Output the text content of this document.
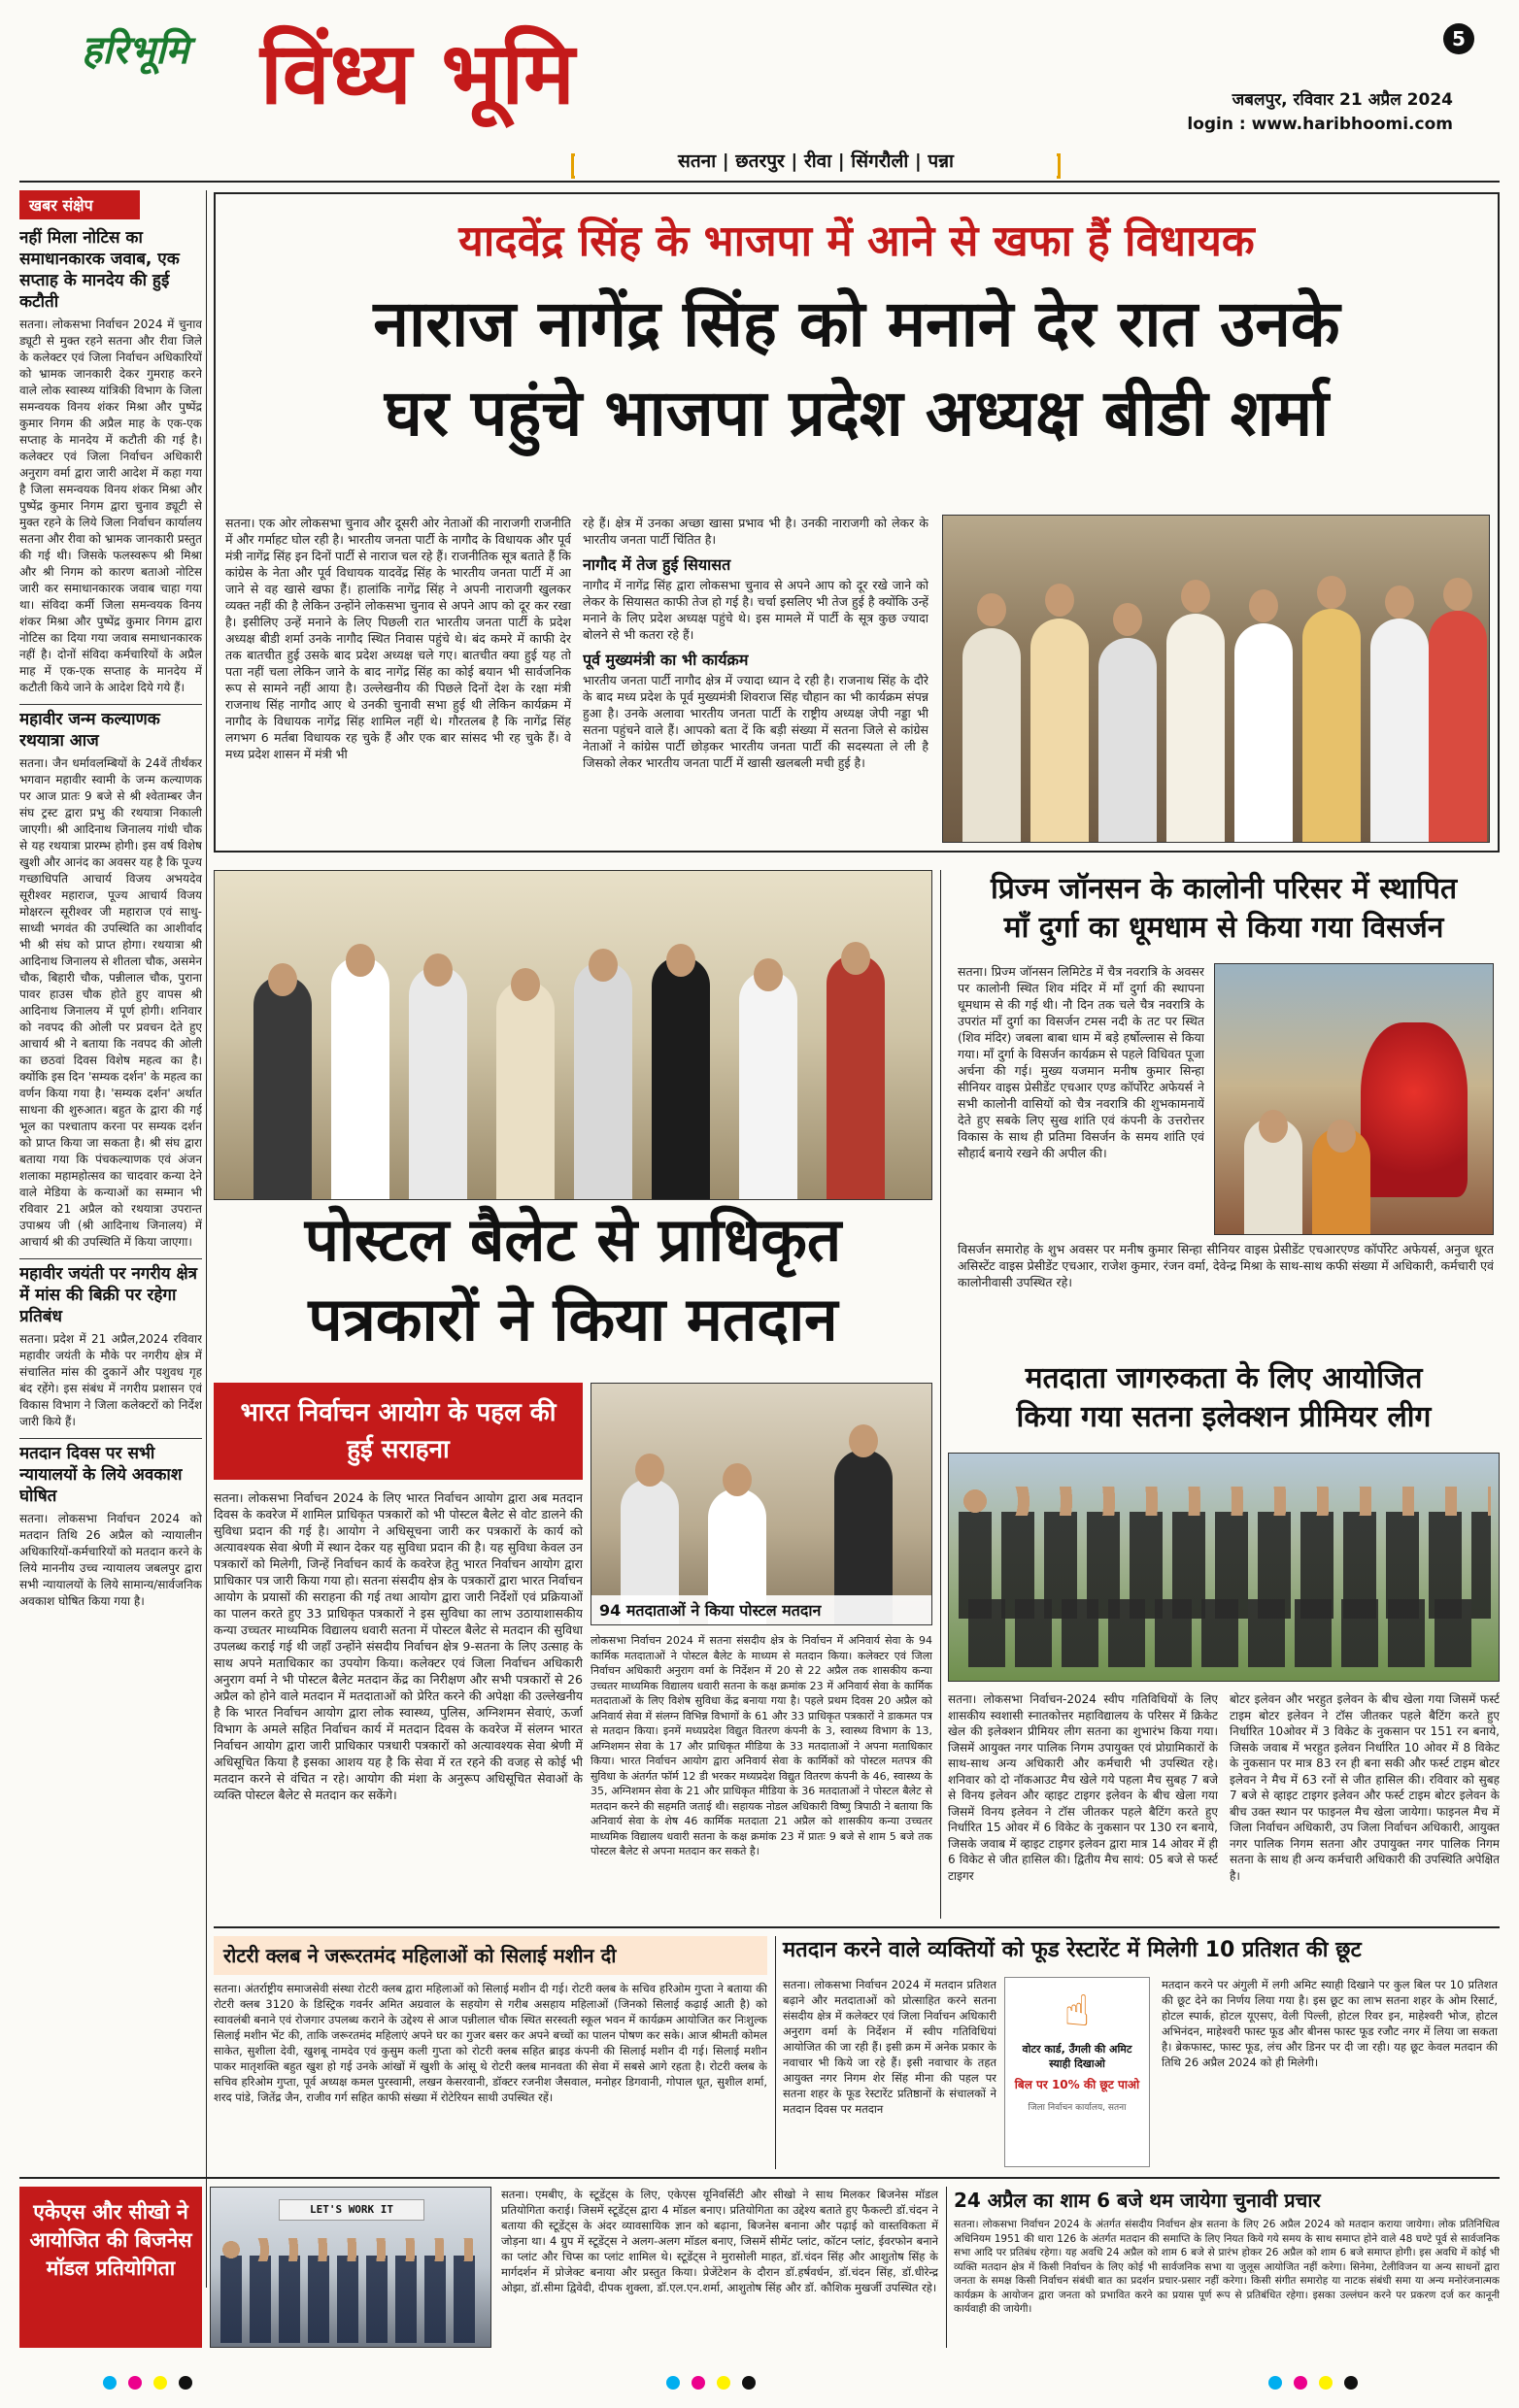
हरिभूमि विंध्य भूमि	5
जबलपुर, रविवार 21 अप्रैल 2024
login : www.haribhoomi.com
सतना | छतरपुर | रीवा | सिंगरौली | पन्ना
खबर संक्षेप
नहीं मिला नोटिस का समाधानकारक जवाब, एक सप्ताह के मानदेय की हुई कटौती
सतना। लोकसभा निर्वाचन 2024 में चुनाव ड्यूटी से मुक्त रहने सतना और रीवा जिले के कलेक्टर एवं जिला निर्वाचन अधिकारियों को भ्रामक जानकारी देकर गुमराह करने वाले लोक स्वास्थ्य यांत्रिकी विभाग के जिला समन्वयक विनय शंकर मिश्रा और पुष्पेंद्र कुमार निगम की अप्रैल माह के एक-एक सप्ताह के मानदेय में कटौती की गई है। कलेक्टर एवं जिला निर्वाचन अधिकारी अनुराग वर्मा द्वारा जारी आदेश में कहा गया है जिला समन्वयक विनय शंकर मिश्रा और पुष्पेंद्र कुमार निगम द्वारा चुनाव ड्यूटी से मुक्त रहने के लिये जिला निर्वाचन कार्यालय सतना और रीवा को भ्रामक जानकारी प्रस्तुत की गई थी। जिसके फलस्वरूप श्री मिश्रा और श्री निगम को कारण बताओ नोटिस जारी कर समाधानकारक जवाब चाहा गया था। संविदा कर्मी जिला समन्वयक विनय शंकर मिश्रा और पुष्पेंद्र कुमार निगम द्वारा नोटिस का दिया गया जवाब समाधानकारक नहीं है। दोनों संविदा कर्मचारियों के अप्रैल माह में एक-एक सप्ताह के मानदेय में कटौती किये जाने के आदेश दिये गये हैं।
महावीर जन्म कल्याणक रथयात्रा आज
सतना। जैन धर्मावलम्बियों के 24वें तीर्थंकर भगवान महावीर स्वामी के जन्म कल्याणक पर आज प्रातः 9 बजे से श्री श्वेताम्बर जैन संघ ट्रस्ट द्वारा प्रभु की रथयात्रा निकाली जाएगी। श्री आदिनाथ जिनालय गांधी चौक से यह रथयात्रा प्रारम्भ होगी। इस वर्ष विशेष खुशी और आनंद का अवसर यह है कि पूज्य गच्छाधिपति आचार्य विजय अभयदेव सूरीश्वर महाराज, पूज्य आचार्य विजय मोक्षरत्न सूरीश्वर जी महाराज एवं साधु-साध्वी भगवंत की उपस्थिति का आशीर्वाद भी श्री संघ को प्राप्त होगा। रथयात्रा श्री आदिनाथ जिनालय से शीतला चौक, असमेन चौक, बिहारी चौक, पन्नीलाल चौक, पुराना पावर हाउस चौक होते हुए वापस श्री आदिनाथ जिनालय में पूर्ण होगी। शनिवार को नवपद की ओली पर प्रवचन देते हुए आचार्य श्री ने बताया कि नवपद की ओली का छठवां दिवस विशेष महत्व का है। क्योंकि इस दिन 'सम्यक दर्शन' के महत्व का वर्णन किया गया है। 'सम्यक दर्शन' अर्थात साधना की शुरुआत। बहुत के द्वारा की गई भूल का पश्चाताप करना पर सम्यक दर्शन को प्राप्त किया जा सकता है। श्री संघ द्वारा बताया गया कि पंचकल्याणक एवं अंजन शलाका महामहोत्सव का चादवार कन्या देने वाले मेडिया के कन्याओं का सम्मान भी रविवार 21 अप्रैल को रथयात्रा उपरान्त उपाश्रय जी (श्री आदिनाथ जिनालय) में आचार्य श्री की उपस्थिति में किया जाएगा।
महावीर जयंती पर नगरीय क्षेत्र में मांस की बिक्री पर रहेगा प्रतिबंध
सतना। प्रदेश में 21 अप्रैल,2024 रविवार महावीर जयंती के मौके पर नगरीय क्षेत्र में संचालित मांस की दुकानें और पशुवध गृह बंद रहेंगे। इस संबंध में नगरीय प्रशासन एवं विकास विभाग ने जिला कलेक्टरों को निर्देश जारी किये हैं।
मतदान दिवस पर सभी न्यायालयों के लिये अवकाश घोषित
सतना। लोकसभा निर्वाचन 2024 को मतदान तिथि 26 अप्रैल को न्यायालीन अधिकारियों-कर्मचारियों को मतदान करने के लिये माननीय उच्च न्यायालय जबलपुर द्वारा सभी न्यायालयों के लिये सामान्य/सार्वजनिक अवकाश घोषित किया गया है।
यादवेंद्र सिंह के भाजपा में आने से खफा हैं विधायक
नाराज नागेंद्र सिंह को मनाने देर रात उनके
घर पहुंचे भाजपा प्रदेश अध्यक्ष बीडी शर्मा
सतना। एक ओर लोकसभा चुनाव और दूसरी ओर नेताओं की नाराजगी राजनीति में और गर्माहट घोल रही है। भारतीय जनता पार्टी के नागौद के विधायक और पूर्व मंत्री नागेंद्र सिंह इन दिनों पार्टी से नाराज चल रहे हैं। राजनीतिक सूत्र बताते हैं कि कांग्रेस के नेता और पूर्व विधायक यादवेंद्र सिंह के भारतीय जनता पार्टी में आ जाने से वह खासे खफा हैं। हालांकि नागेंद्र सिंह ने अपनी नाराजगी खुलकर व्यक्त नहीं की है लेकिन उन्होंने लोकसभा चुनाव से अपने आप को दूर कर रखा है। इसीलिए उन्हें मनाने के लिए पिछली रात भारतीय जनता पार्टी के प्रदेश अध्यक्ष बीडी शर्मा उनके नागौद स्थित निवास पहुंचे थे। बंद कमरे में काफी देर तक बातचीत हुई उसके बाद प्रदेश अध्यक्ष चले गए। बातचीत क्या हुई यह तो पता नहीं चला लेकिन जाने के बाद नागेंद्र सिंह का कोई बयान भी सार्वजनिक रूप से सामने नहीं आया है। उल्लेखनीय की पिछले दिनों देश के रक्षा मंत्री राजनाथ सिंह नागौद आए थे उनकी चुनावी सभा हुई थी लेकिन कार्यक्रम में नागौद के विधायक नागेंद्र सिंह शामिल नहीं थे। गौरतलब है कि नागेंद्र सिंह लगभग 6 मर्तबा विधायक रह चुके हैं और एक बार सांसद भी रह चुके हैं। वे मध्य प्रदेश शासन में मंत्री भी
रहे हैं। क्षेत्र में उनका अच्छा खासा प्रभाव भी है। उनकी नाराजगी को लेकर के भारतीय जनता पार्टी चिंतित है।
नागौद में तेज हुई सियासत
नागौद में नागेंद्र सिंह द्वारा लोकसभा चुनाव से अपने आप को दूर रखे जाने को लेकर के सियासत काफी तेज हो गई है। चर्चा इसलिए भी तेज हुई है क्योंकि उन्हें मनाने के लिए प्रदेश अध्यक्ष पहुंचे थे। इस मामले में पार्टी के सूत्र कुछ ज्यादा बोलने से भी कतरा रहे हैं।
पूर्व मुख्यमंत्री का भी कार्यक्रम
भारतीय जनता पार्टी नागौद क्षेत्र में ज्यादा ध्यान दे रही है। राजनाथ सिंह के दौरे के बाद मध्य प्रदेश के पूर्व मुख्यमंत्री शिवराज सिंह चौहान का भी कार्यक्रम संपन्न हुआ है। उनके अलावा भारतीय जनता पार्टी के राष्ट्रीय अध्यक्ष जेपी नड्डा भी सतना पहुंचने वाले हैं। आपको बता दें कि बड़ी संख्या में सतना जिले से कांग्रेस नेताओं ने कांग्रेस पार्टी छोड़कर भारतीय जनता पार्टी की सदस्यता ले ली है जिसको लेकर भारतीय जनता पार्टी में खासी खलबली मची हुई है।
पोस्टल बैलेट से प्राधिकृत
पत्रकारों ने किया मतदान
भारत निर्वाचन आयोग के पहल की हुई सराहना
94 मतदाताओं ने किया पोस्टल मतदान
सतना। लोकसभा निर्वाचन 2024 के लिए भारत निर्वाचन आयोग द्वारा अब मतदान दिवस के कवरेज में शामिल प्राधिकृत पत्रकारों को भी पोस्टल बैलेट से वोट डालने की सुविधा प्रदान की गई है। आयोग ने अधिसूचना जारी कर पत्रकारों के कार्य को अत्यावश्यक सेवा श्रेणी में स्थान देकर यह सुविधा प्रदान की है। यह सुविधा केवल उन पत्रकारों को मिलेगी, जिन्हें निर्वाचन कार्य के कवरेज हेतु भारत निर्वाचन आयोग द्वारा प्राधिकार पत्र जारी किया गया हो। सतना संसदीय क्षेत्र के पत्रकारों द्वारा भारत निर्वाचन आयोग के प्रयासों की सराहना की गई तथा आयोग द्वारा जारी निर्देशों एवं प्रक्रियाओं का पालन करते हुए 33 प्राधिकृत पत्रकारों ने इस सुविधा का लाभ उठायाशासकीय कन्या उच्चतर माध्यमिक विद्यालय धवारी सतना में पोस्टल बैलेट से मतदान की सुविधा उपलब्ध कराई गई थी जहाँ उन्होंने संसदीय निर्वाचन क्षेत्र 9-सतना के लिए उत्साह के साथ अपने मताधिकार का उपयोग किया। कलेक्टर एवं जिला निर्वाचन अधिकारी अनुराग वर्मा ने भी पोस्टल बैलेट मतदान केंद्र का निरीक्षण और सभी पत्रकारों से 26 अप्रैल को होने वाले मतदान में मतदाताओं को प्रेरित करने की अपेक्षा की उल्लेखनीय है कि भारत निर्वाचन आयोग द्वारा लोक स्वास्थ्य, पुलिस, अग्निशमन सेवाएं, ऊर्जा विभाग के अमले सहित निर्वाचन कार्य में मतदान दिवस के कवरेज में संलग्न भारत निर्वाचन आयोग द्वारा जारी प्राधिकार पत्रधारी पत्रकारों को अत्यावश्यक सेवा श्रेणी में अधिसूचित किया है इसका आशय यह है कि सेवा में रत रहने की वजह से कोई भी मतदान करने से वंचित न रहे। आयोग की मंशा के अनुरूप अधिसूचित सेवाओं के व्यक्ति पोस्टल बैलेट से मतदान कर सकेंगे।
लोकसभा निर्वाचन 2024 में सतना संसदीय क्षेत्र के निर्वाचन में अनिवार्य सेवा के 94 कार्मिक मतदाताओं ने पोस्टल बैलेट के माध्यम से मतदान किया। कलेक्टर एवं जिला निर्वाचन अधिकारी अनुराग वर्मा के निर्देशन में 20 से 22 अप्रैल तक शासकीय कन्या उच्चतर माध्यमिक विद्यालय धवारी सतना के कक्ष क्रमांक 23 में अनिवार्य सेवा के कार्मिक मतदाताओं के लिए विशेष सुविधा केंद्र बनाया गया है। पहले प्रथम दिवस 20 अप्रैल को अनिवार्य सेवा में संलग्न विभिन्न विभागों के 61 और 33 प्राधिकृत पत्रकारों ने डाकमत पत्र से मतदान किया। इनमें मध्यप्रदेश विद्युत वितरण कंपनी के 3, स्वास्थ्य विभाग के 13, अग्निशमन सेवा के 17 और प्राधिकृत मीडिया के 33 मतदाताओं ने अपना मताधिकार किया। भारत निर्वाचन आयोग द्वारा अनिवार्य सेवा के कार्मिकों को पोस्टल मतपत्र की सुविधा के अंतर्गत फॉर्म 12 डी भरकर मध्यप्रदेश विद्युत वितरण कंपनी के 46, स्वास्थ्य के 35, अग्निशमन सेवा के 21 और प्राधिकृत मीडिया के 36 मतदाताओं ने पोस्टल बैलेट से मतदान करने की सहमति जताई थी। सहायक नोडल अधिकारी विष्णु त्रिपाठी ने बताया कि अनिवार्य सेवा के शेष 46 कार्मिक मतदाता 21 अप्रैल को शासकीय कन्या उच्चतर माध्यमिक विद्यालय धवारी सतना के कक्ष क्रमांक 23 में प्रातः 9 बजे से शाम 5 बजे तक पोस्टल बैलेट से अपना मतदान कर सकते है।
प्रिज्म जॉनसन के कालोनी परिसर में स्थापित
मॉं दुर्गा का धूमधाम से किया गया विसर्जन
सतना। प्रिज्म जॉनसन लिमिटेड में चैत्र नवरात्रि के अवसर पर कालोनी स्थित शिव मंदिर में माँ दुर्गा की स्थापना धूमधाम से की गई थी। नौ दिन तक चले चैत्र नवरात्रि के उपरांत माँ दुर्गा का विसर्जन टमस नदी के तट पर स्थित (शिव मंदिर) जबला बाबा धाम में बड़े हर्षोल्लास से किया गया। माँ दुर्गा के विसर्जन कार्यक्रम से पहले विधिवत पूजा अर्चना की गई। मुख्य यजमान मनीष कुमार सिन्हा सीनियर वाइस प्रेसीडेंट एचआर एण्ड कॉर्पोरेट अफेयर्स ने सभी कालोनी वासियों को चैत्र नवरात्रि की शुभकामनायें देते हुए सबके लिए सुख शांति एवं कंपनी के उत्तरोत्तर विकास के साथ ही प्रतिमा विसर्जन के समय शांति एवं सौहार्द बनाये रखने की अपील की।
विसर्जन समारोह के शुभ अवसर पर मनीष कुमार सिन्हा सीनियर वाइस प्रेसीडेंट एचआरएण्ड कॉर्पोरेट अफेयर्स, अनुज धूरत असिस्टेंट वाइस प्रेसीडेंट एचआर, राजेश कुमार, रंजन वर्मा, देवेन्द्र मिश्रा के साथ-साथ कफी संख्या में अधिकारी, कर्मचारी एवं कालोनीवासी उपस्थित रहे।
मतदाता जागरुकता के लिए आयोजित
किया गया सतना इलेक्शन प्रीमियर लीग
सतना। लोकसभा निर्वाचन-2024 स्वीप गतिविधियों के लिए शासकीय स्वशासी स्नातकोत्तर महाविद्यालय के परिसर में क्रिकेट खेल की इलेक्शन प्रीमियर लीग सतना का शुभारंभ किया गया। जिसमें आयुक्त नगर पालिक निगम उपायुक्त एवं प्रोग्रामिकारों के साथ-साथ अन्य अधिकारी और कर्मचारी भी उपस्थित रहे। शनिवार को दो नॉकआउट मैच खेले गये पहला मैच सुबह 7 बजे से विनय इलेवन और व्हाइट टाइगर इलेवन के बीच खेला गया जिसमें विनय इलेवन ने टॉस जीतकर पहले बैटिंग करते हुए निर्धारित 15 ओवर में 6 विकेट के नुकसान पर 130 रन बनाये, जिसके जवाब में व्हाइट टाइगर इलेवन द्वारा मात्र 14 ओवर में ही 6 विकेट से जीत हासिल की। द्वितीय मैच सायं: 05 बजे से फर्स्ट टाइगर
बोटर इलेवन और भरहुत इलेवन के बीच खेला गया जिसमें फर्स्ट टाइम बोटर इलेवन ने टॉस जीतकर पहले बैटिंग करते हुए निर्धारित 10ओवर में 3 विकेट के नुकसान पर 151 रन बनाये, जिसके जवाब में भरहुत इलेवन निर्धारित 10 ओवर में 8 विकेट के नुकसान पर मात्र 83 रन ही बना सकी और फर्स्ट टाइम बोटर इलेवन ने मैच में 63 रनों से जीत हासिल की। रविवार को सुबह 7 बजे से व्हाइट टाइगर इलेवन और फर्स्ट टाइम बोटर इलेवन के बीच उक्त स्थान पर फाइनल मैच खेला जायेगा। फाइनल मैच में जिला निर्वाचन अधिकारी, उप जिला निर्वाचन अधिकारी, आयुक्त नगर पालिक निगम सतना और उपायुक्त नगर पालिक निगम सतना के साथ ही अन्य कर्मचारी अधिकारी की उपस्थिति अपेक्षित है।
रोटरी क्लब ने जरूरतमंद महिलाओं को सिलाई मशीन दी
सतना। अंतर्राष्ट्रीय समाजसेवी संस्था रोटरी क्लब द्वारा महिलाओं को सिलाई मशीन दी गई। रोटरी क्लब के सचिव हरिओम गुप्ता ने बताया की रोटरी क्लब 3120 के डिस्ट्रिक गवर्नर अमित अग्रवाल के सहयोग से गरीब असहाय महिलाओं (जिनको सिलाई कढ़ाई आती है) को स्वावलंबी बनाने एवं रोजगार उपलब्ध कराने के उद्देश्य से आज पन्नीलाल चौक स्थित सरस्वती स्कूल भवन में कार्यक्रम आयोजित कर निःशुल्क सिलाई मशीन भेंट की, ताकि जरूरतमंद महिलाएं अपने घर का गुजर बसर कर अपने बच्चों का पालन पोषण कर सके। आज श्रीमती कोमल साकेत, सुशीला देवी, खुशबू नामदेव एवं कुसुम कली गुप्ता को रोटरी क्लब सहित ब्राइड कंपनी की सिलाई मशीन दी गई। सिलाई मशीन पाकर मातृशक्ति बहुत खुश हो गई उनके आंखों में खुशी के आंसू थे रोटरी क्लब मानवता की सेवा में सबसे आगे रहता है। रोटरी क्लब के सचिव हरिओम गुप्ता, पूर्व अध्यक्ष कमल पुरस्वामी, लखन केसरवानी, डॉक्टर रजनीश जैसवाल, मनोहर डिगवानी, गोपाल धूत, सुशील शर्मा, शरद पांडे, जितेंद्र जैन, राजीव गर्ग सहित काफी संख्या में रोटेरियन साथी उपस्थित रहें।
मतदान करने वाले व्यक्तियों को फूड रेस्टारेंट में मिलेगी 10 प्रतिशत की छूट
सतना। लोकसभा निर्वाचन 2024 में मतदान प्रतिशत बढ़ाने और मतदाताओं को प्रोत्साहित करने सतना संसदीय क्षेत्र में कलेक्टर एवं जिला निर्वाचन अधिकारी अनुराग वर्मा के निर्देशन में स्वीप गतिविधियां आयोजित की जा रही हैं। इसी क्रम में अनेक प्रकार के नवाचार भी किये जा रहे हैं। इसी नवाचार के तहत आयुक्त नगर निगम शेर सिंह मीना की पहल पर सतना शहर के फूड रेस्टारेंट प्रतिष्ठानों के संचालकों ने मतदान दिवस पर मतदान
☝
वोटर कार्ड, उँगली की अमिट स्याही दिखाओ
बिल पर 10% की छूट पाओ
जिला निर्वाचन कार्यालय, सतना
मतदान करने पर अंगुली में लगी अमिट स्याही दिखाने पर कुल बिल पर 10 प्रतिशत की छूट देने का निर्णय लिया गया है। इस छूट का लाभ सतना शहर के ओम रिसार्ट, होटल स्पार्क, होटल यूएसए, वेली पिल्ली, होटल रिवर इन, माहेश्वरी भोज, होटल अभिनंदन, माहेश्वरी फास्ट फूड और बीनस फास्ट फूड रजौट नगर में लिया जा सकता है। ब्रेकफास्ट, फास्ट फूड, लंच और डिनर पर दी जा रही। यह छूट केवल मतदान की तिथि 26 अप्रैल 2024 को ही मिलेगी।
एकेएस और सीखो ने आयोजित की बिजनेस मॉडल प्रतियोगिता
LET'S WORK IT
सतना। एमबीए, के स्टूडेंट्स के लिए, एकेएस यूनिवर्सिटी और सीखो ने साथ मिलकर बिजनेस मॉडल प्रतियोगिता कराई। जिसमें स्टूडेंट्स द्वारा 4 मॉडल बनाए। प्रतियोगिता का उद्देश्य बताते हुए फैकल्टी डॉ.चंदन ने बताया की स्टूडेंट्स के अंदर व्यावसायिक ज्ञान को बढ़ाना, बिजनेस बनाना और पढ़ाई को वास्तविकता में जोड़ना था। 4 ग्रुप में स्टूडेंट्स ने अलग-अलग मॉडल बनाए, जिसमें सीमेंट प्लांट, कॉटन प्लांट, ईवरफोन बनाने का प्लांट और चिप्स का प्लांट शामिल थे। स्टूडेंट्स ने मुरासोली माहत, डॉ.चंदन सिंह और आशुतोष सिंह के मार्गदर्शन में प्रोजेक्ट बनाया और प्रस्तुत किया। प्रेजेंटेशन के दौरान डॉ.हर्षवर्धन, डॉ.चंदन सिंह, डॉ.धीरेन्द्र ओझा, डॉ.सीमा द्विवेदी, दीपक शुक्ला, डॉ.एल.एन.शर्मा, आशुतोष सिंह और डॉ. कौशिक मुखर्जी उपस्थित रहे।
24 अप्रैल का शाम 6 बजे थम जायेगा चुनावी प्रचार
सतना। लोकसभा निर्वाचन 2024 के अंतर्गत संसदीय निर्वाचन क्षेत्र सतना के लिए 26 अप्रैल 2024 को मतदान कराया जायेगा। लोक प्रतिनिधित्व अधिनियम 1951 की धारा 126 के अंतर्गत मतदान की समाप्ति के लिए नियत किये गये समय के साथ समाप्त होने वाले 48 घण्टे पूर्व से सार्वजनिक सभा आदि पर प्रतिबंध रहेगा। यह अवधि 24 अप्रैल को शाम 6 बजे से प्रारंभ होकर 26 अप्रैल को शाम 6 बजे समाप्त होगी। इस अवधि में कोई भी व्यक्ति मतदान क्षेत्र में किसी निर्वाचन के लिए कोई भी सार्वजनिक सभा या जुलूस आयोजित नहीं करेगा। सिनेमा, टेलीविजन या अन्य साधनों द्वारा जनता के समक्ष किसी निर्वाचन संबंधी बात का प्रदर्शन प्रचार-प्रसार नहीं करेगा। किसी संगीत समारोह या नाटक संबंधी समा या अन्य मनोरंजनात्मक कार्यक्रम के आयोजन द्वारा जनता को प्रभावित करने का प्रयास पूर्ण रूप से प्रतिबंधित रहेगा। इसका उल्लंघन करने पर प्रकरण दर्ज कर कानूनी कार्यवाही की जायेगी।
